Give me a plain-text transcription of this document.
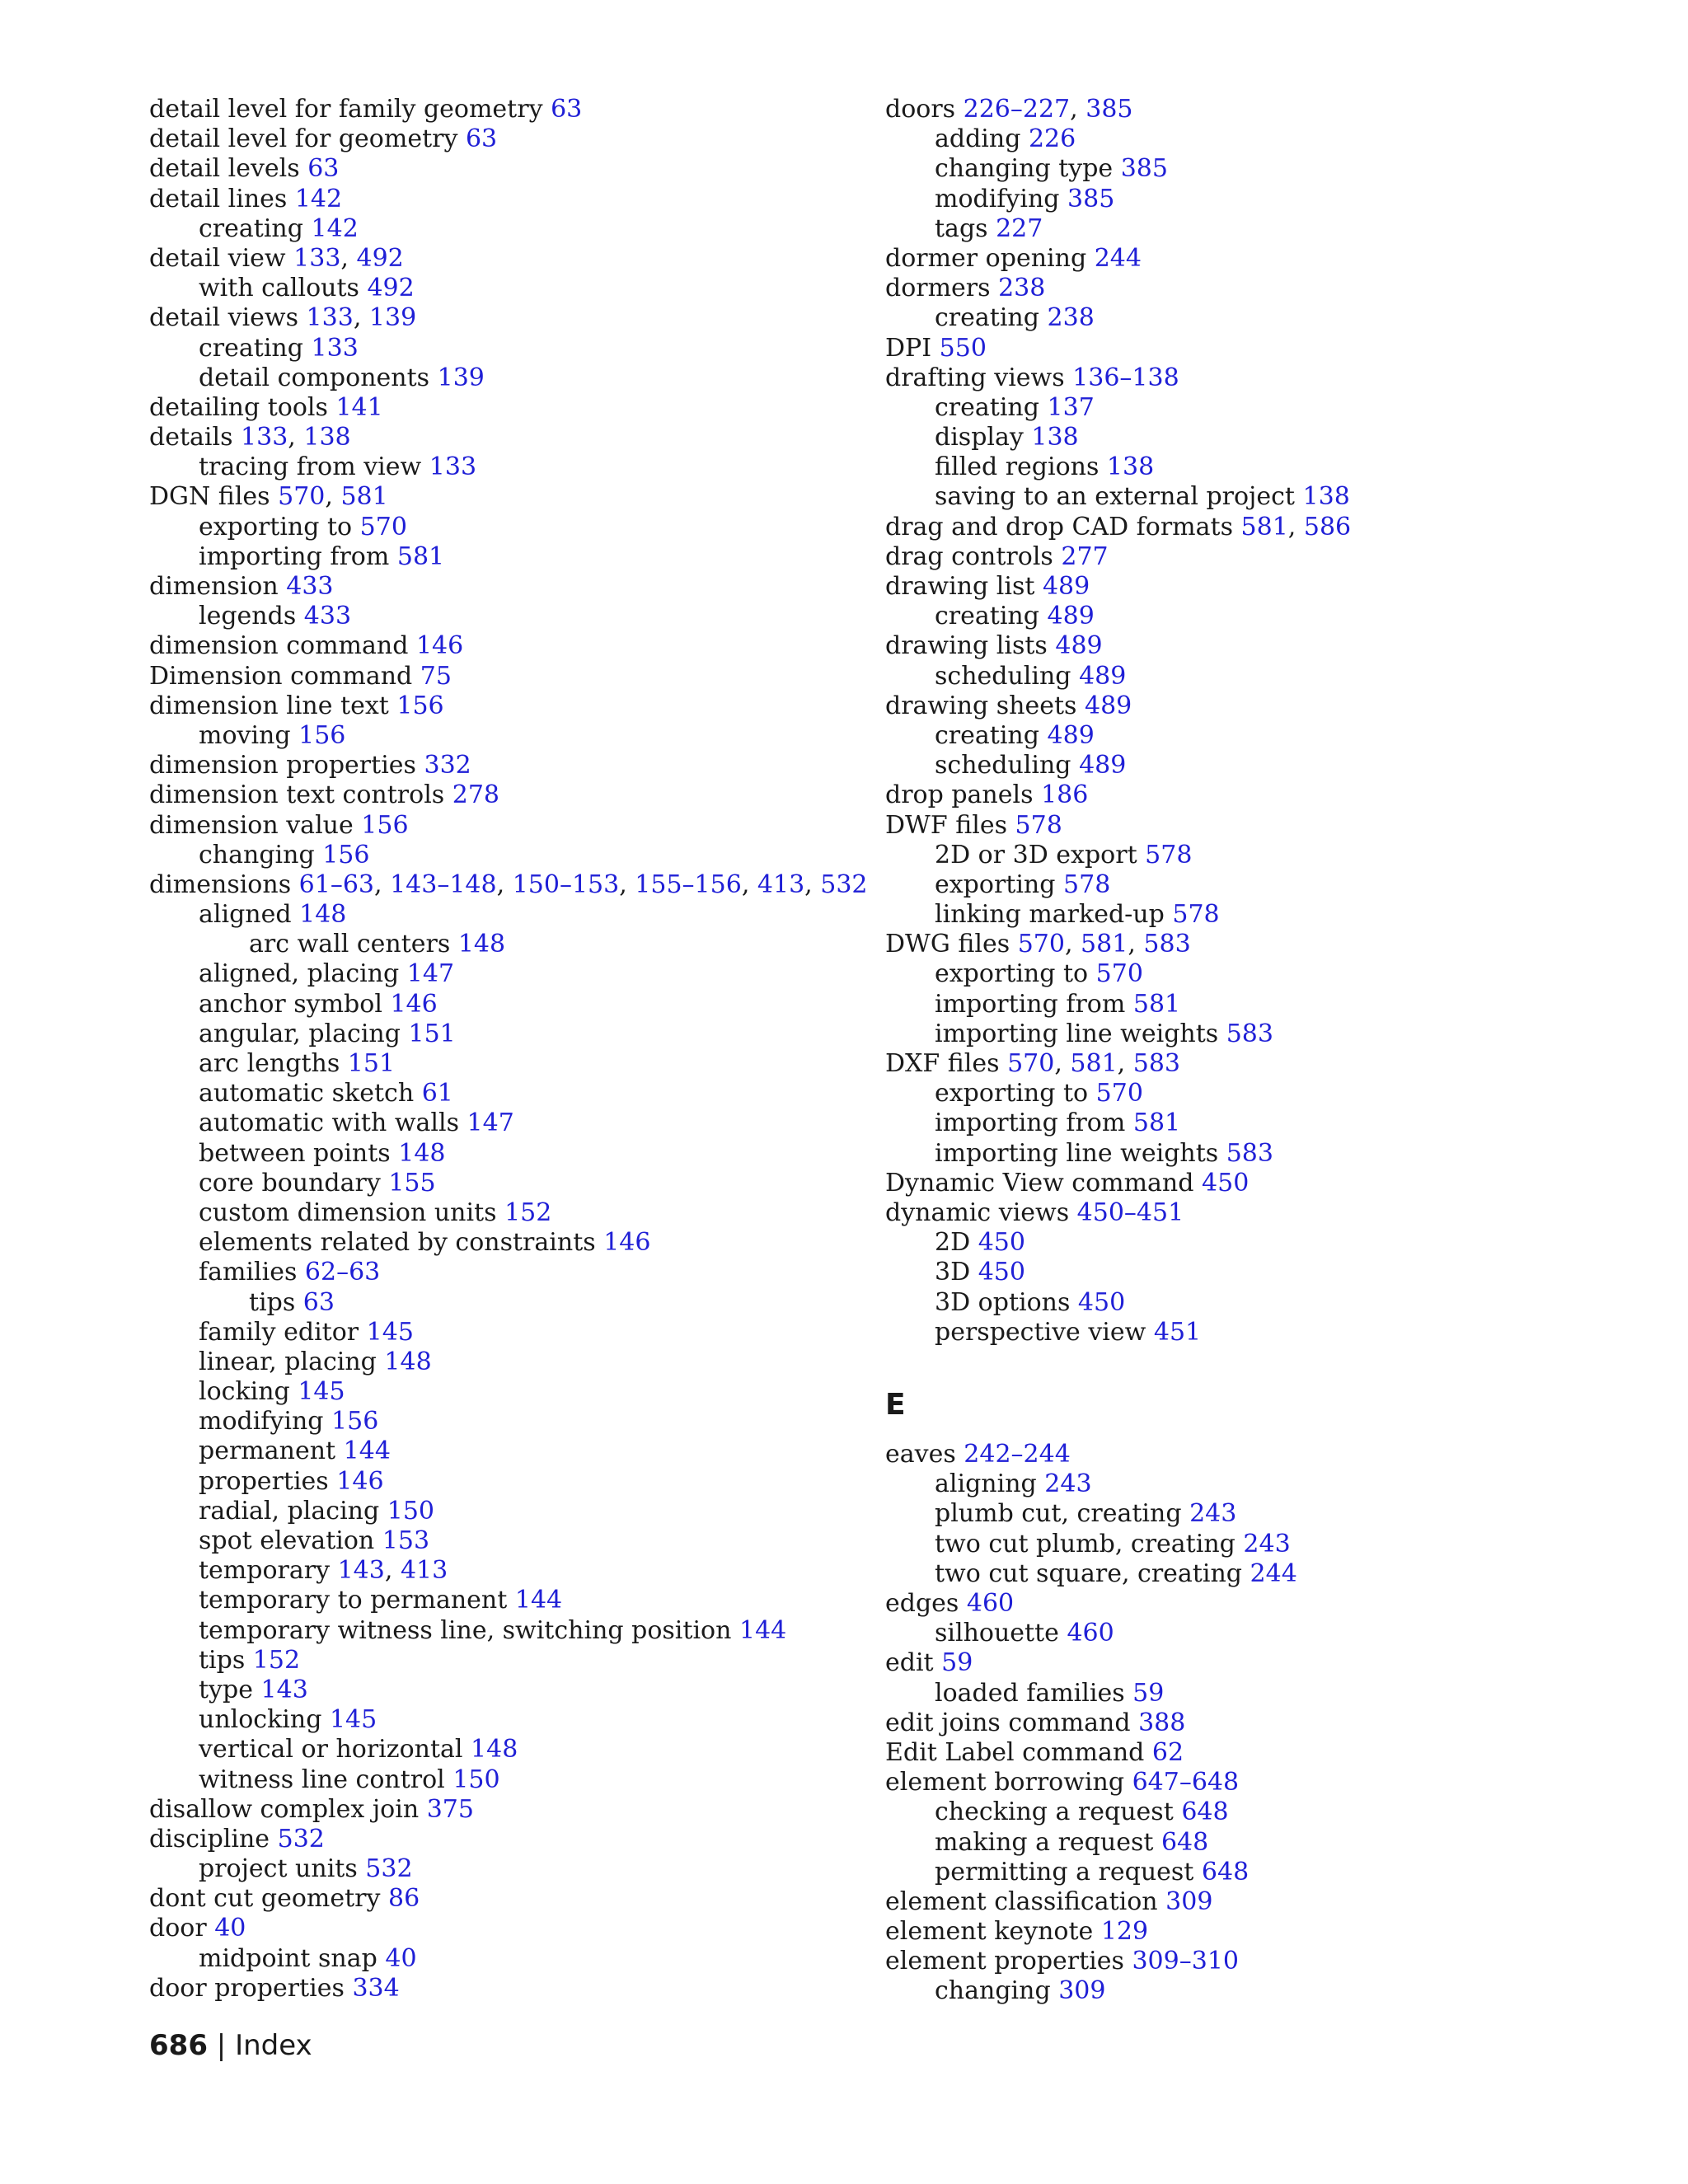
detail level for family geometry 63
detail level for geometry 63
detail levels 63
detail lines 142
creating 142
detail view 133, 492
with callouts 492
detail views 133, 139
creating 133
detail components 139
detailing tools 141
details 133, 138
tracing from view 133
DGN files 570, 581
exporting to 570
importing from 581
dimension 433
legends 433
dimension command 146
Dimension command 75
dimension line text 156
moving 156
dimension properties 332
dimension text controls 278
dimension value 156
changing 156
dimensions 61–63, 143–148, 150–153, 155–156, 413, 532
aligned 148
arc wall centers 148
aligned, placing 147
anchor symbol 146
angular, placing 151
arc lengths 151
automatic sketch 61
automatic with walls 147
between points 148
core boundary 155
custom dimension units 152
elements related by constraints 146
families 62–63
tips 63
family editor 145
linear, placing 148
locking 145
modifying 156
permanent 144
properties 146
radial, placing 150
spot elevation 153
temporary 143, 413
temporary to permanent 144
temporary witness line, switching position 144
tips 152
type 143
unlocking 145
vertical or horizontal 148
witness line control 150
disallow complex join 375
discipline 532
project units 532
dont cut geometry 86
door 40
midpoint snap 40
door properties 334
doors 226–227, 385
adding 226
changing type 385
modifying 385
tags 227
dormer opening 244
dormers 238
creating 238
DPI 550
drafting views 136–138
creating 137
display 138
filled regions 138
saving to an external project 138
drag and drop CAD formats 581, 586
drag controls 277
drawing list 489
creating 489
drawing lists 489
scheduling 489
drawing sheets 489
creating 489
scheduling 489
drop panels 186
DWF files 578
2D or 3D export 578
exporting 578
linking marked-up 578
DWG files 570, 581, 583
exporting to 570
importing from 581
importing line weights 583
DXF files 570, 581, 583
exporting to 570
importing from 581
importing line weights 583
Dynamic View command 450
dynamic views 450–451
2D 450
3D 450
3D options 450
perspective view 451
E
eaves 242–244
aligning 243
plumb cut, creating 243
two cut plumb, creating 243
two cut square, creating 244
edges 460
silhouette 460
edit 59
loaded families 59
edit joins command 388
Edit Label command 62
element borrowing 647–648
checking a request 648
making a request 648
permitting a request 648
element classification 309
element keynote 129
element properties 309–310
changing 309
686 | Index
